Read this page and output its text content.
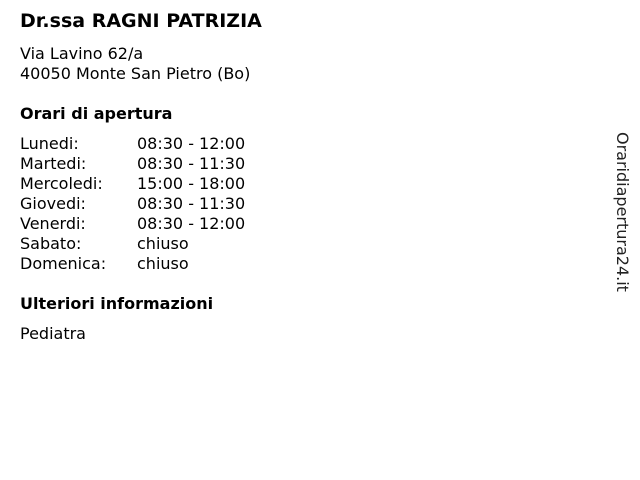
Dr.ssa RAGNI PATRIZIA
Via Lavino 62/a
40050 Monte San Pietro (Bo)
Orari di apertura
Lunedi:	08:30 - 12:00
Martedi:	08:30 - 11:30
Mercoledi:	15:00 - 18:00
Giovedi:	08:30 - 11:30
Venerdi:	08:30 - 12:00
Sabato:	chiuso
Domenica:	chiuso
Ulteriori informazioni
Pediatra
Oraridiapertura24.it
